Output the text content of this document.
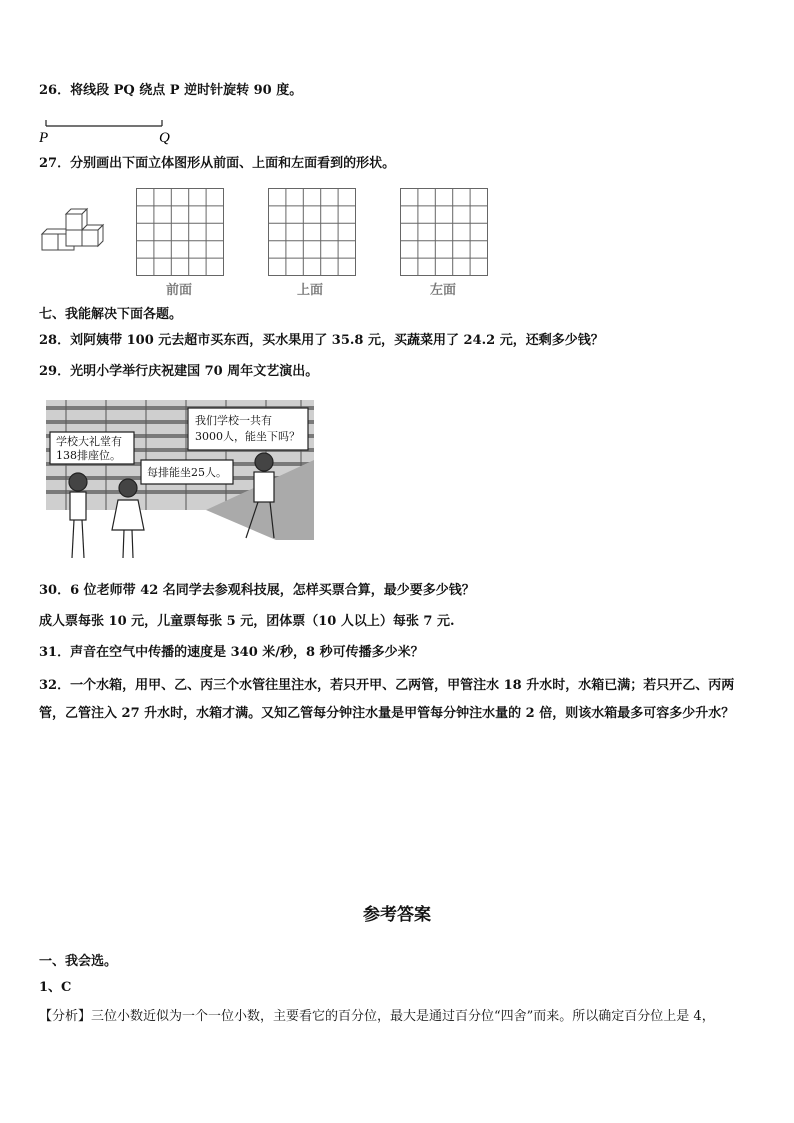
26．将线段 PQ 绕点 P 逆时针旋转 90 度。
P	Q
27．分别画出下面立体图形从前面、上面和左面看到的形状。
前面	上面	左面
七、我能解决下面各题。
28．刘阿姨带 100 元去超市买东西，买水果用了 35.8 元，买蔬菜用了 24.2 元，还剩多少钱？
29．光明小学举行庆祝建国 70 周年文艺演出。
学校大礼堂有
138排座位。
每排能坐25人。
我们学校一共有
3000人，能坐下吗？
30．6 位老师带 42 名同学去参观科技展，怎样买票合算，最少要多少钱？
成人票每张 10 元，儿童票每张 5 元，团体票（10 人以上）每张 7 元.
31．声音在空气中传播的速度是 340 米/秒，8 秒可传播多少米？
32．一个水箱，用甲、乙、丙三个水管往里注水，若只开甲、乙两管，甲管注水 18 升水时，水箱已满；若只开乙、丙两管，乙管注入 27 升水时，水箱才满。又知乙管每分钟注水量是甲管每分钟注水量的 2 倍，则该水箱最多可容多少升水？
参考答案
一、我会选。
1、C
【分析】三位小数近似为一个一位小数，主要看它的百分位，最大是通过百分位“四舍”而来。所以确定百分位上是 4，
